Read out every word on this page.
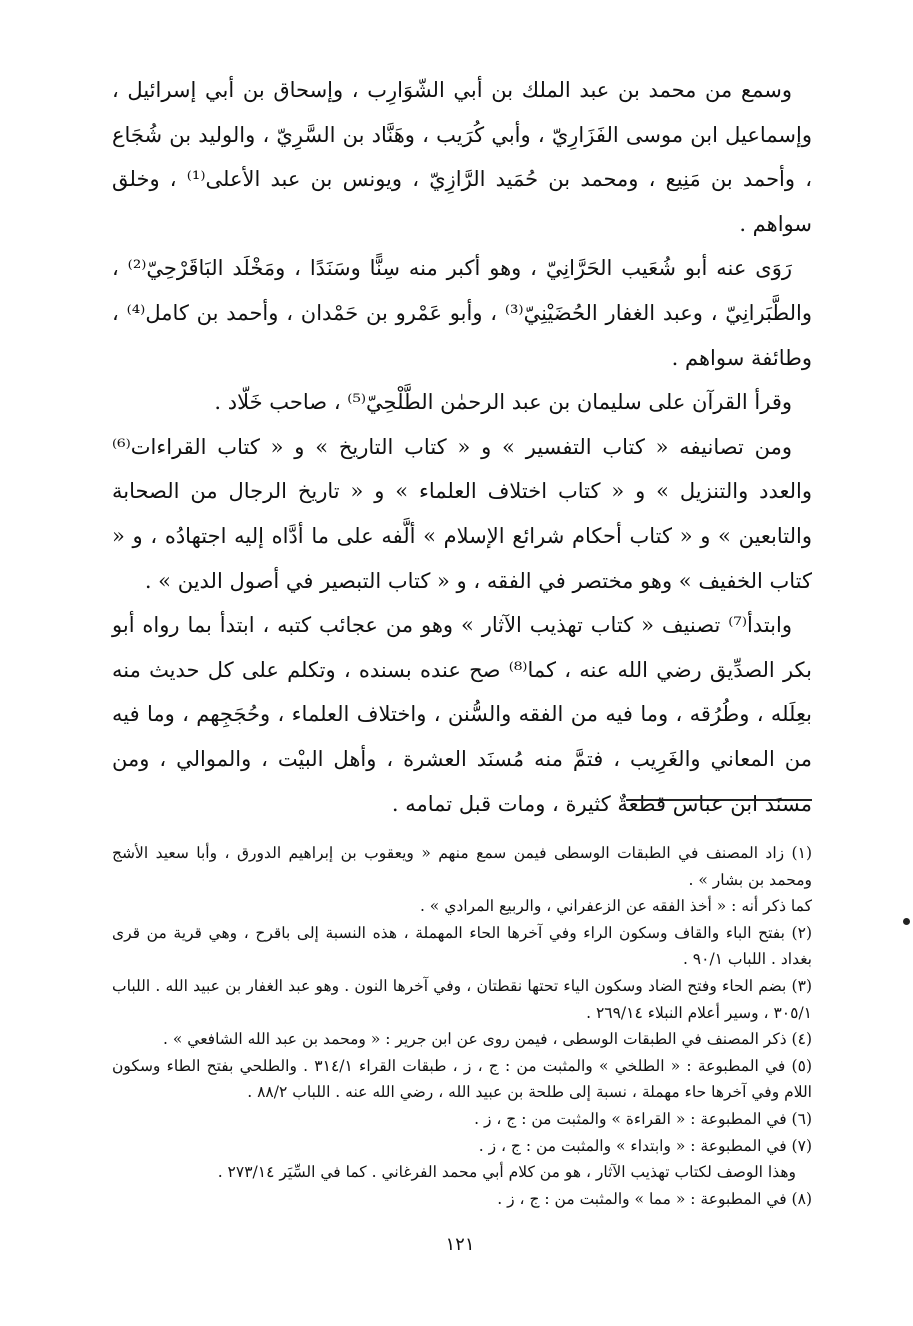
وسمع من محمد بن عبد الملك بن أبي الشّوَارِب ، وإسحاق بن أبي إسرائيل ، وإسماعيل ابن موسى الفَزَارِيّ ، وأبي كُرَيب ، وهَنَّاد بن السَّرِيّ ، والوليد بن شُجَاع ، وأحمد بن مَنِيع ، ومحمد بن حُمَيد الرَّازِيّ ، ويونس بن عبد الأعلى⁽¹⁾ ، وخلق سواهم .

رَوَى عنه أبو شُعَيب الحَرَّانِيّ ، وهو أكبر منه سِنًّا وسَنَدًا ، ومَخْلَد البَاقَرْحِيّ⁽²⁾ ، والطَّبَرانِيّ ، وعبد الغفار الحُضَيْنِيّ⁽³⁾ ، وأبو عَمْرو بن حَمْدان ، وأحمد بن كامل⁽⁴⁾ ، وطائفة سواهم .

وقرأ القرآن على سليمان بن عبد الرحمٰن الطَّلْحِيّ⁽⁵⁾ ، صاحب خَلّاد .

ومن تصانيفه « كتاب التفسير » و « كتاب التاريخ » و « كتاب القراءات⁽⁶⁾ والعدد والتنزيل » و « كتاب اختلاف العلماء » و « تاريخ الرجال من الصحابة والتابعين » و « كتاب أحكام شرائع الإسلام » ألَّفه على ما أدَّاه إليه اجتهادُه ، و « كتاب الخفيف » وهو مختصر في الفقه ، و « كتاب التبصير في أصول الدين » .

وابتدأ⁽⁷⁾ تصنيف « كتاب تهذيب الآثار » وهو من عجائب كتبه ، ابتدأ بما رواه أبو بكر الصدِّيق رضي الله عنه ، كما⁽⁸⁾ صح عنده بسنده ، وتكلم على كل حديث منه بعِلَله ، وطُرُقه ، وما فيه من الفقه والسُّنن ، واختلاف العلماء ، وحُجَجِهم ، وما فيه من المعاني والغَرِيب ، فتمَّ منه مُسنَد العشرة ، وأهل البيْت ، والموالي ، ومن مسنَد ابن عباس قطعةٌ كثيرة ، ومات قبل تمامه .

(١) زاد المصنف في الطبقات الوسطى فيمن سمع منهم « ويعقوب بن إبراهيم الدورق ، وأبا سعيد الأشج ومحمد بن بشار » .
كما ذكر أنه : « أخذ الفقه عن الزعفراني ، والربيع المرادي » .

(٢) بفتح الباء والقاف وسكون الراء وفي آخرها الحاء المهملة ، هذه النسبة إلى باقرح ، وهي قرية من قرى بغداد . اللباب ٩٠/١ .

(٣) بضم الحاء وفتح الضاد وسكون الياء تحتها نقطتان ، وفي آخرها النون . وهو عبد الغفار بن عبيد الله . اللباب ٣٠٥/١ ، وسير أعلام النبلاء ٢٦٩/١٤ .

(٤) ذكر المصنف في الطبقات الوسطى ، فيمن روى عن ابن جرير : « ومحمد بن عبد الله الشافعي » .

(٥) في المطبوعة : « الطلخي » والمثبت من : ج ، ز ، طبقات القراء ٣١٤/١ . والطلحي بفتح الطاء وسكون اللام وفي آخرها حاء مهملة ، نسبة إلى طلحة بن عبيد الله ، رضي الله عنه . اللباب ٨٨/٢ .

(٦) في المطبوعة : « القراءة » والمثبت من : ج ، ز .

(٧) في المطبوعة : « وابتداء » والمثبت من : ج ، ز .
وهذا الوصف لكتاب تهذيب الآثار ، هو من كلام أبي محمد الفرغاني . كما في السِّيَر ٢٧٣/١٤ .

(٨) في المطبوعة : « مما » والمثبت من : ج ، ز .

١٢١
